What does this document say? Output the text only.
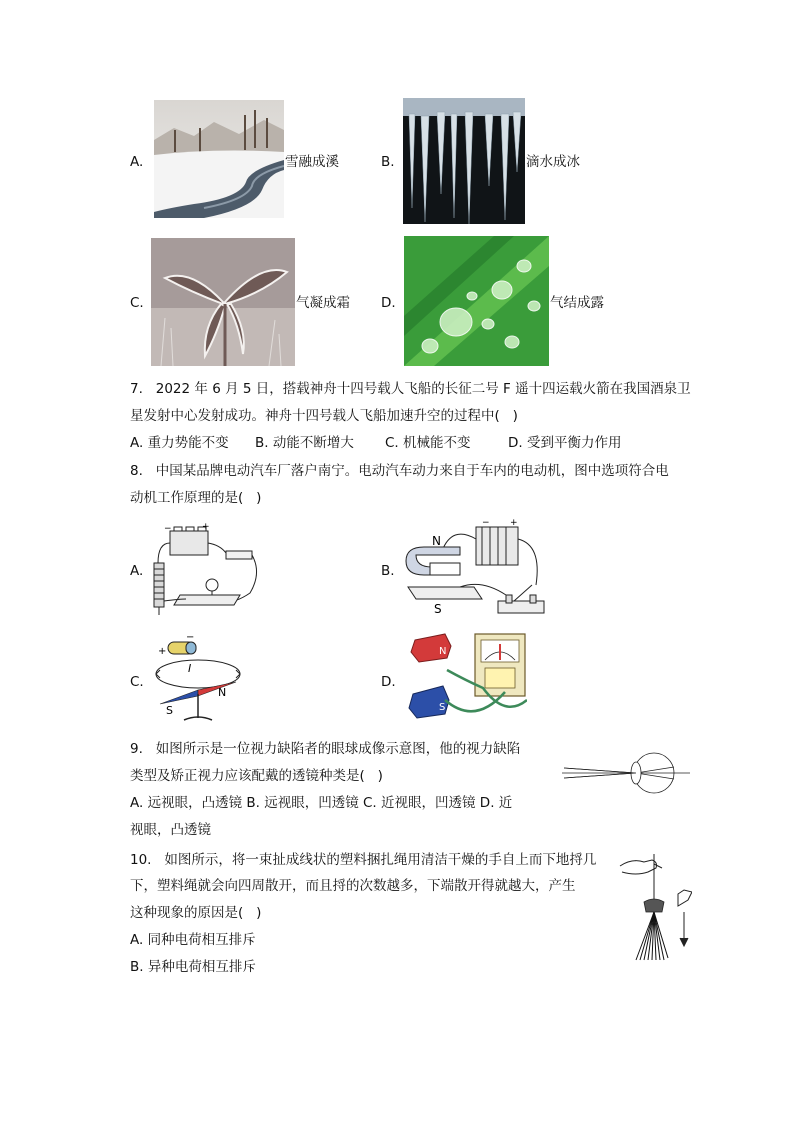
A.	雪融成溪	B.	滴水成冰
C.	气凝成霜 D.	气结成露
7.   2022 年 6 月 5 日，搭载神舟十四号载人飞船的长征二号 F 遥十四运载火箭在我国酒泉卫
星发射中心发射成功。神舟十四号载人飞船加速升空的过程中(   )
A. 重力势能不变 B. 动能不断增大 C. 机械能不变	D. 受到平衡力作用
8.   中国某品牌电动汽车厂落户南宁。电动汽车动力来自于车内的电动机，图中选项符合电
动机工作原理的是(   )
A.
−	+
B.
− +
N
S
C.
+
−
I
N
S
D.
N
S
9.   如图所示是一位视力缺陷者的眼球成像示意图，他的视力缺陷
类型及矫正视力应该配戴的透镜种类是(   )
A. 远视眼，凸透镜 B. 远视眼，凹透镜 C. 近视眼，凹透镜 D. 近
视眼，凸透镜
10.   如图所示，将一束扯成线状的塑料捆扎绳用清洁干燥的手自上而下地捋几
下，塑料绳就会向四周散开，而且捋的次数越多，下端散开得就越大，产生
这种现象的原因是(   )
A. 同种电荷相互排斥
B. 异种电荷相互排斥
